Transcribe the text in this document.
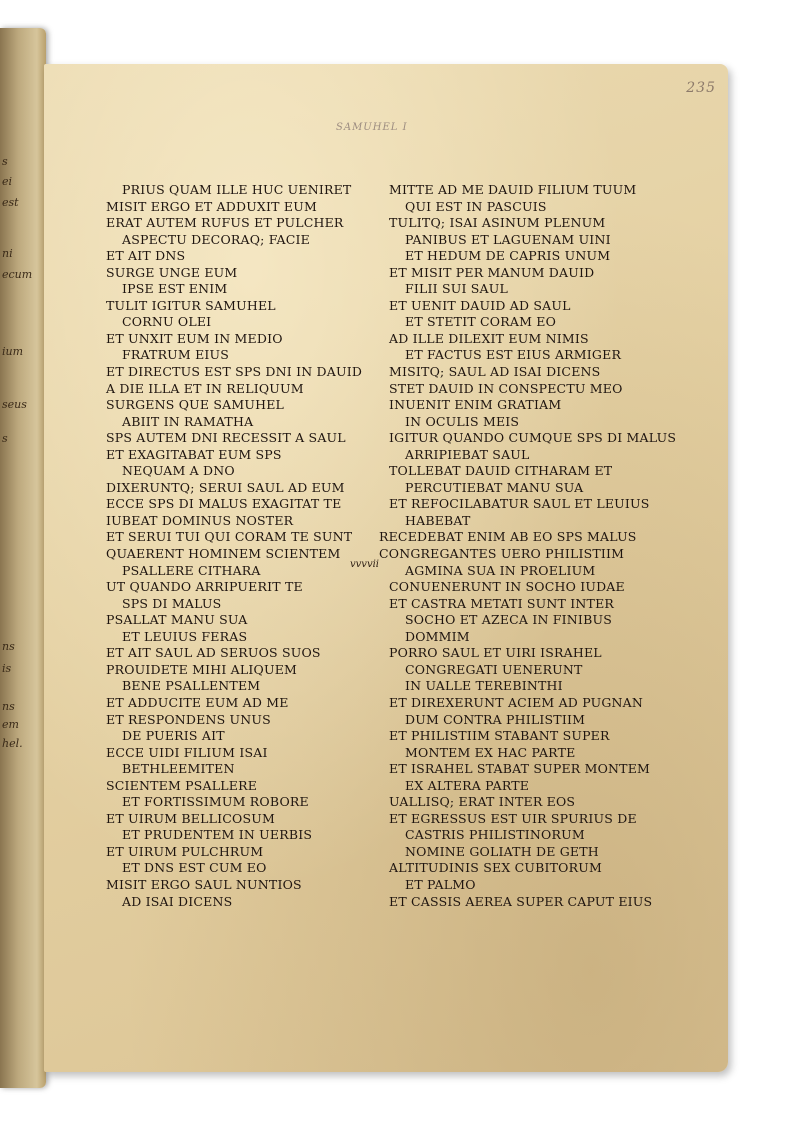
s
ei
est
ni
ecum
ium
seus
s
ns
is
ns
em
hel.
235
SAMUHEL I
PRIUS QUAM ILLE HUC UENIRET
MISIT ERGO ET ADDUXIT EUM
ERAT AUTEM RUFUS ET PULCHER
ASPECTU DECORAQ; FACIE
ET AIT DNS
SURGE UNGE EUM
IPSE EST ENIM
TULIT IGITUR SAMUHEL
CORNU OLEI
ET UNXIT EUM IN MEDIO
FRATRUM EIUS
ET DIRECTUS EST SPS DNI IN DAUID
A DIE ILLA ET IN RELIQUUM
SURGENS QUE SAMUHEL
ABIIT IN RAMATHA
SPS AUTEM DNI RECESSIT A SAUL
ET EXAGITABAT EUM SPS
NEQUAM A DNO
DIXERUNTQ; SERUI SAUL AD EUM
ECCE SPS DI MALUS EXAGITAT TE
IUBEAT DOMINUS NOSTER
ET SERUI TUI QUI CORAM TE SUNT
QUAERENT HOMINEM SCIENTEM
PSALLERE CITHARA
UT QUANDO ARRIPUERIT TE
SPS DI MALUS
PSALLAT MANU SUA
ET LEUIUS FERAS
ET AIT SAUL AD SERUOS SUOS
PROUIDETE MIHI ALIQUEM
BENE PSALLENTEM
ET ADDUCITE EUM AD ME
ET RESPONDENS UNUS
DE PUERIS AIT
ECCE UIDI FILIUM ISAI
BETHLEEMITEN
SCIENTEM PSALLERE
ET FORTISSIMUM ROBORE
ET UIRUM BELLICOSUM
ET PRUDENTEM IN UERBIS
ET UIRUM PULCHRUM
ET DNS EST CUM EO
MISIT ERGO SAUL NUNTIOS
AD ISAI DICENS
MITTE AD ME DAUID FILIUM TUUM
QUI EST IN PASCUIS
TULITQ; ISAI ASINUM PLENUM
PANIBUS ET LAGUENAM UINI
ET HEDUM DE CAPRIS UNUM
ET MISIT PER MANUM DAUID
FILII SUI SAUL
ET UENIT DAUID AD SAUL
ET STETIT CORAM EO
AD ILLE DILEXIT EUM NIMIS
ET FACTUS EST EIUS ARMIGER
MISITQ; SAUL AD ISAI DICENS
STET DAUID IN CONSPECTU MEO
INUENIT ENIM GRATIAM
IN OCULIS MEIS
IGITUR QUANDO CUMQUE SPS DI MALUS
ARRIPIEBAT SAUL
TOLLEBAT DAUID CITHARAM ET
PERCUTIEBAT MANU SUA
ET REFOCILABATUR SAUL ET LEUIUS
HABEBAT
RECEDEBAT ENIM AB EO SPS MALUS
CONGREGANTES UERO PHILISTIIM
AGMINA SUA IN PROELIUM
CONUENERUNT IN SOCHO IUDAE
ET CASTRA METATI SUNT INTER
SOCHO ET AZECA IN FINIBUS
DOMMIM
PORRO SAUL ET UIRI ISRAHEL
CONGREGATI UENERUNT
IN UALLE TEREBINTHI
ET DIREXERUNT ACIEM AD PUGNAN
DUM CONTRA PHILISTIIM
ET PHILISTIIM STABANT SUPER
MONTEM EX HAC PARTE
ET ISRAHEL STABAT SUPER MONTEM
EX ALTERA PARTE
UALLISQ; ERAT INTER EOS
ET EGRESSUS EST UIR SPURIUS DE
CASTRIS PHILISTINORUM
NOMINE GOLIATH DE GETH
ALTITUDINIS SEX CUBITORUM
ET PALMO
ET CASSIS AEREA SUPER CAPUT EIUS
vvvvii
